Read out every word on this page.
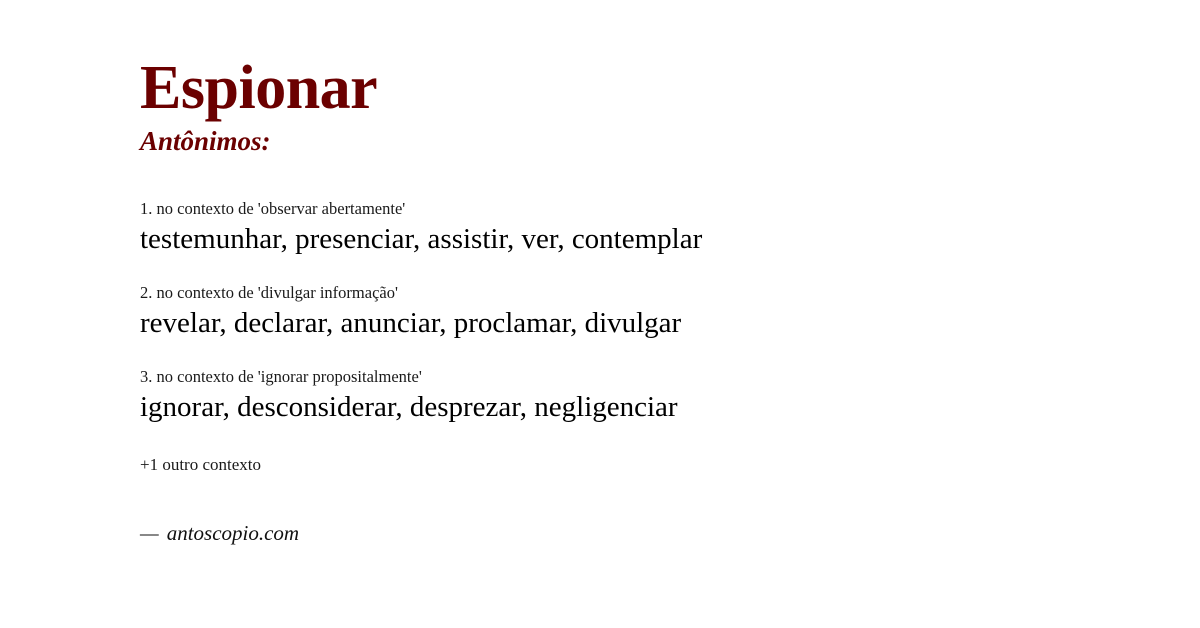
Espionar
Antônimos:
1. no contexto de 'observar abertamente'
testemunhar, presenciar, assistir, ver, contemplar
2. no contexto de 'divulgar informação'
revelar, declarar, anunciar, proclamar, divulgar
3. no contexto de 'ignorar propositalmente'
ignorar, desconsiderar, desprezar, negligenciar
+1 outro contexto
— antoscopio.com
